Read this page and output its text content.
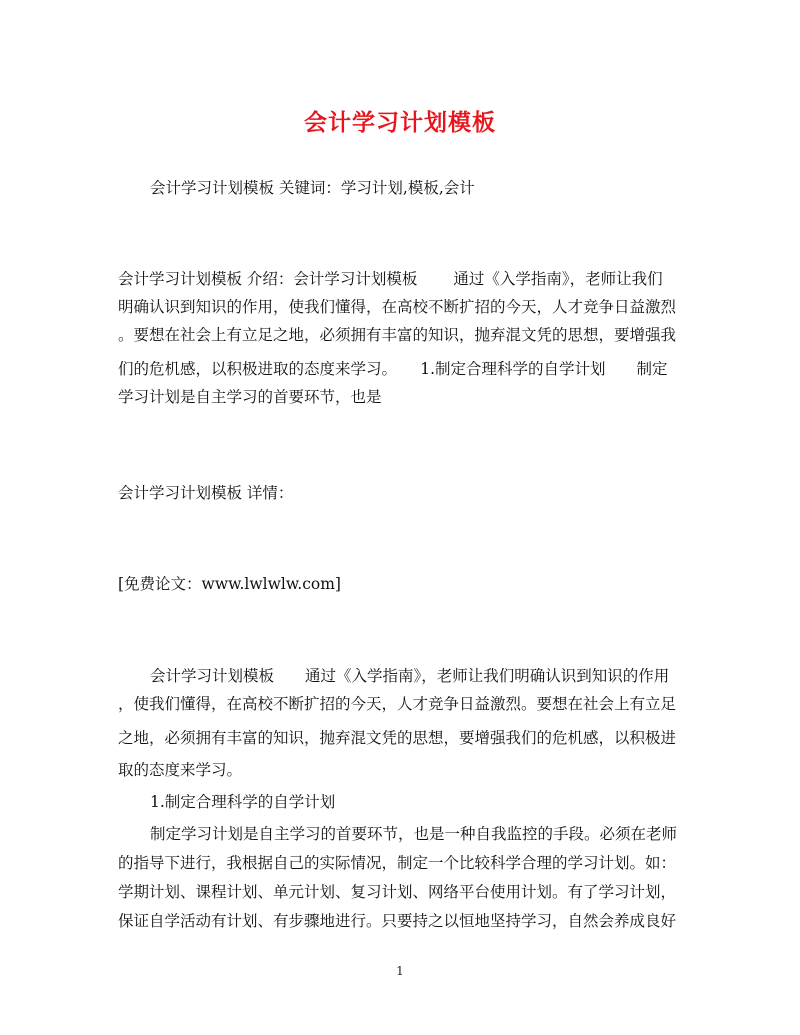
会计学习计划模板
会计学习计划模板 关键词：学习计划,模板,会计
会计学习计划模板 介绍：会计学习计划模板 　　通过《入学指南》，老师让我们
明确认识到知识的作用，使我们懂得，在高校不断扩招的今天，人才竞争日益激烈
。要想在社会上有立足之地，必须拥有丰富的知识，抛弃混文凭的思想，要增强我
们的危机感，以积极进取的态度来学习。　　1.制定合理科学的自学计划　　制定
学习计划是自主学习的首要环节，也是
会计学习计划模板 详情：
[免费论文：www.lwlwlw.com]
会计学习计划模板　　通过《入学指南》，老师让我们明确认识到知识的作用
，使我们懂得，在高校不断扩招的今天，人才竞争日益激烈。要想在社会上有立足
之地，必须拥有丰富的知识，抛弃混文凭的思想，要增强我们的危机感，以积极进
取的态度来学习。
1.制定合理科学的自学计划
制定学习计划是自主学习的首要环节，也是一种自我监控的手段。必须在老师
的指导下进行，我根据自己的实际情况，制定一个比较科学合理的学习计划。如：
学期计划、课程计划、单元计划、复习计划、网络平台使用计划。有了学习计划，
保证自学活动有计划、有步骤地进行。只要持之以恒地坚持学习，自然会养成良好
1
